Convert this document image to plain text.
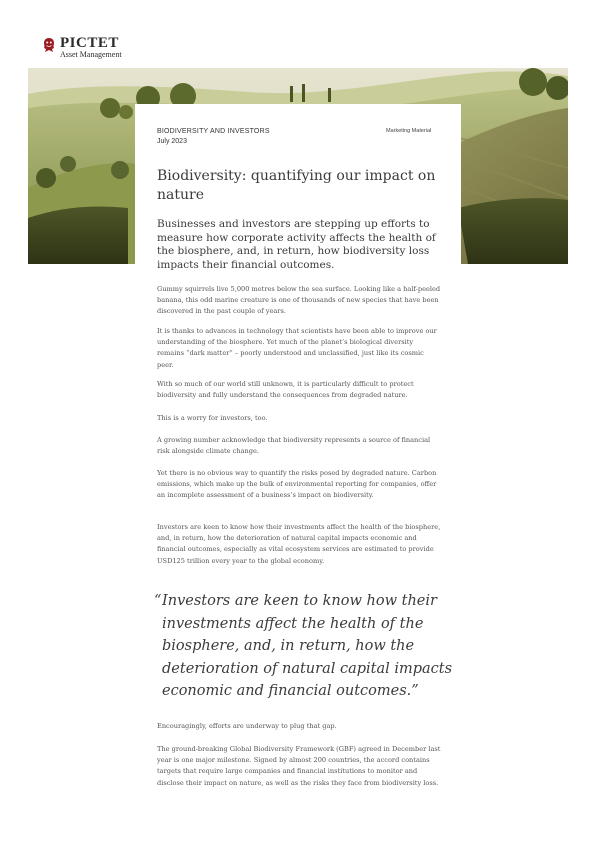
PICTET
Asset Management
BIODIVERSITY AND INVESTORS
July 2023
Marketing Material
Biodiversity: quantifying our impact on nature

Businesses and investors are stepping up efforts to measure how corporate activity affects the health of the biosphere, and, in return, how biodiversity loss impacts their financial outcomes.

Gummy squirrels live 5,000 metres below the sea surface. Looking like a half-peeled banana, this odd marine creature is one of thousands of new species that have been discovered in the past couple of years.

It is thanks to advances in technology that scientists have been able to improve our understanding of the biosphere. Yet much of the planet’s biological diversity remains “dark matter” – poorly understood and unclassified, just like its cosmic peer.

With so much of our world still unknown, it is particularly difficult to protect biodiversity and fully understand the consequences from degraded nature.

This is a worry for investors, too.

A growing number acknowledge that biodiversity represents a source of financial risk alongside climate change.

Yet there is no obvious way to quantify the risks posed by degraded nature. Carbon emissions, which make up the bulk of environmental reporting for companies, offer an incomplete assessment of a business’s impact on biodiversity.

Investors are keen to know how their investments affect the health of the biosphere, and, in return, how the deterioration of natural capital impacts economic and financial outcomes, especially as vital ecosystem services are estimated to provide USD125 trillion every year to the global economy.

“ Investors are keen to know how their investments affect the health of the biosphere, and, in return, how the deterioration of natural capital impacts economic and financial outcomes.”

Encouragingly, efforts are underway to plug that gap.

The ground-breaking Global Biodiversity Framework (GBF) agreed in December last year is one major milestone. Signed by almost 200 countries, the accord contains targets that require large companies and financial institutions to monitor and disclose their impact on nature, as well as the risks they face from biodiversity loss.
